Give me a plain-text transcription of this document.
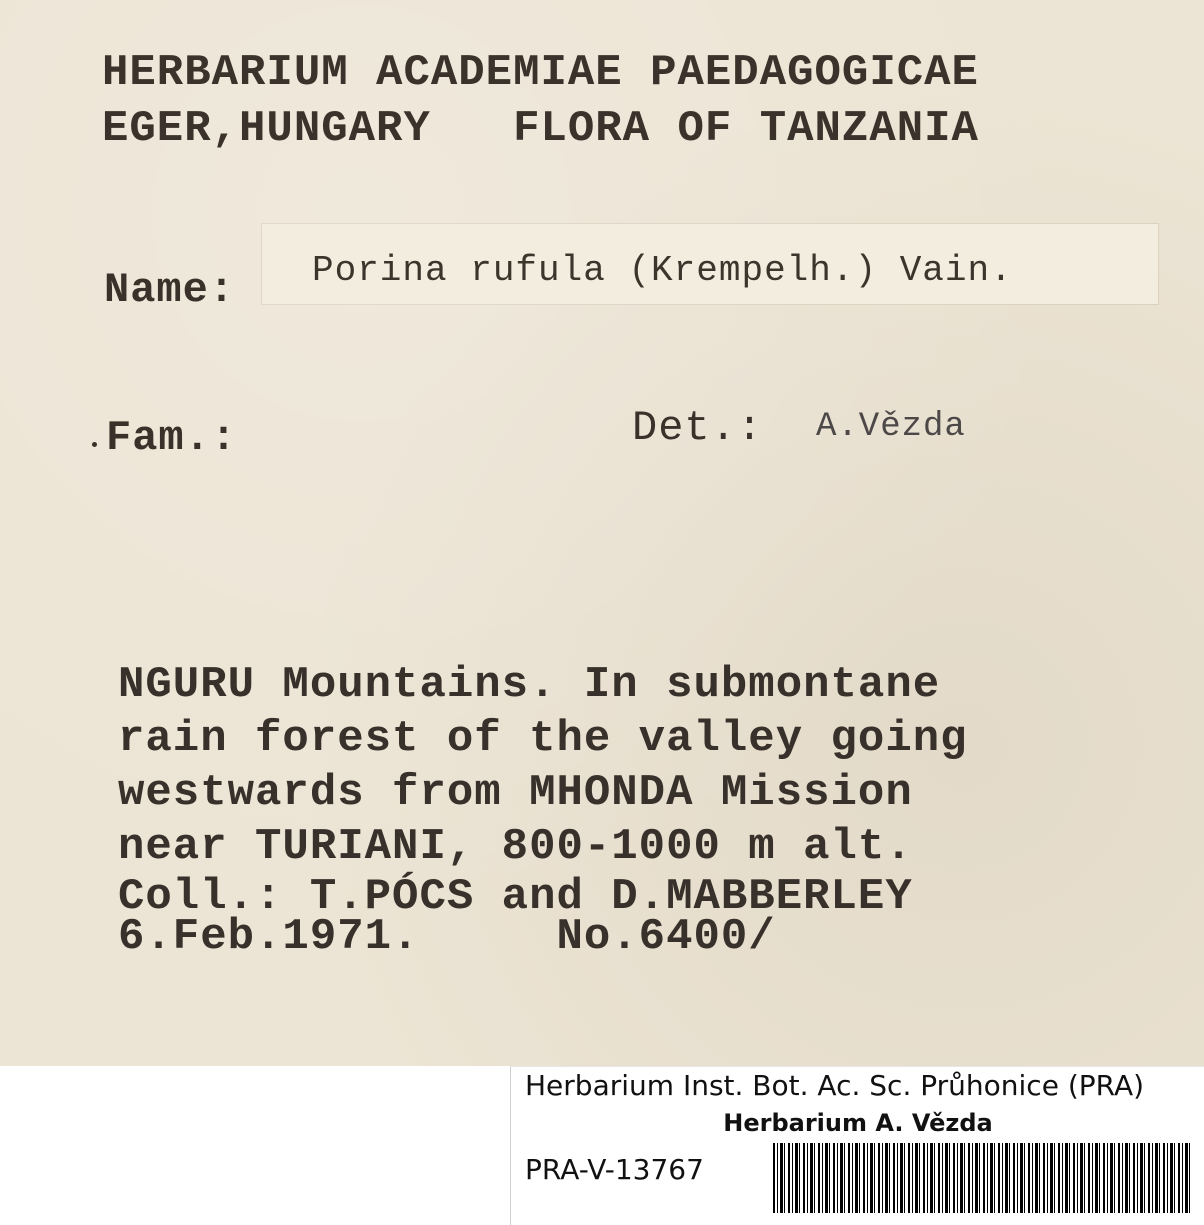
HERBARIUM ACADEMIAE PAEDAGOGICAE
EGER,HUNGARY   FLORA OF TANZANIA
Name: Porina rufula (Krempelh.) Vain.
Fam.:	Det.: A.Vězda
NGURU Mountains. In submontane
rain forest of the valley going
westwards from MHONDA Mission
near TURIANI, 800-1000 m alt.
Coll.: T.PÓCS and D.MABBERLEY
6.Feb.1971.     No.6400/
Herbarium Inst. Bot. Ac. Sc. Průhonice (PRA)
Herbarium A. Vězda
PRA-V-13767
